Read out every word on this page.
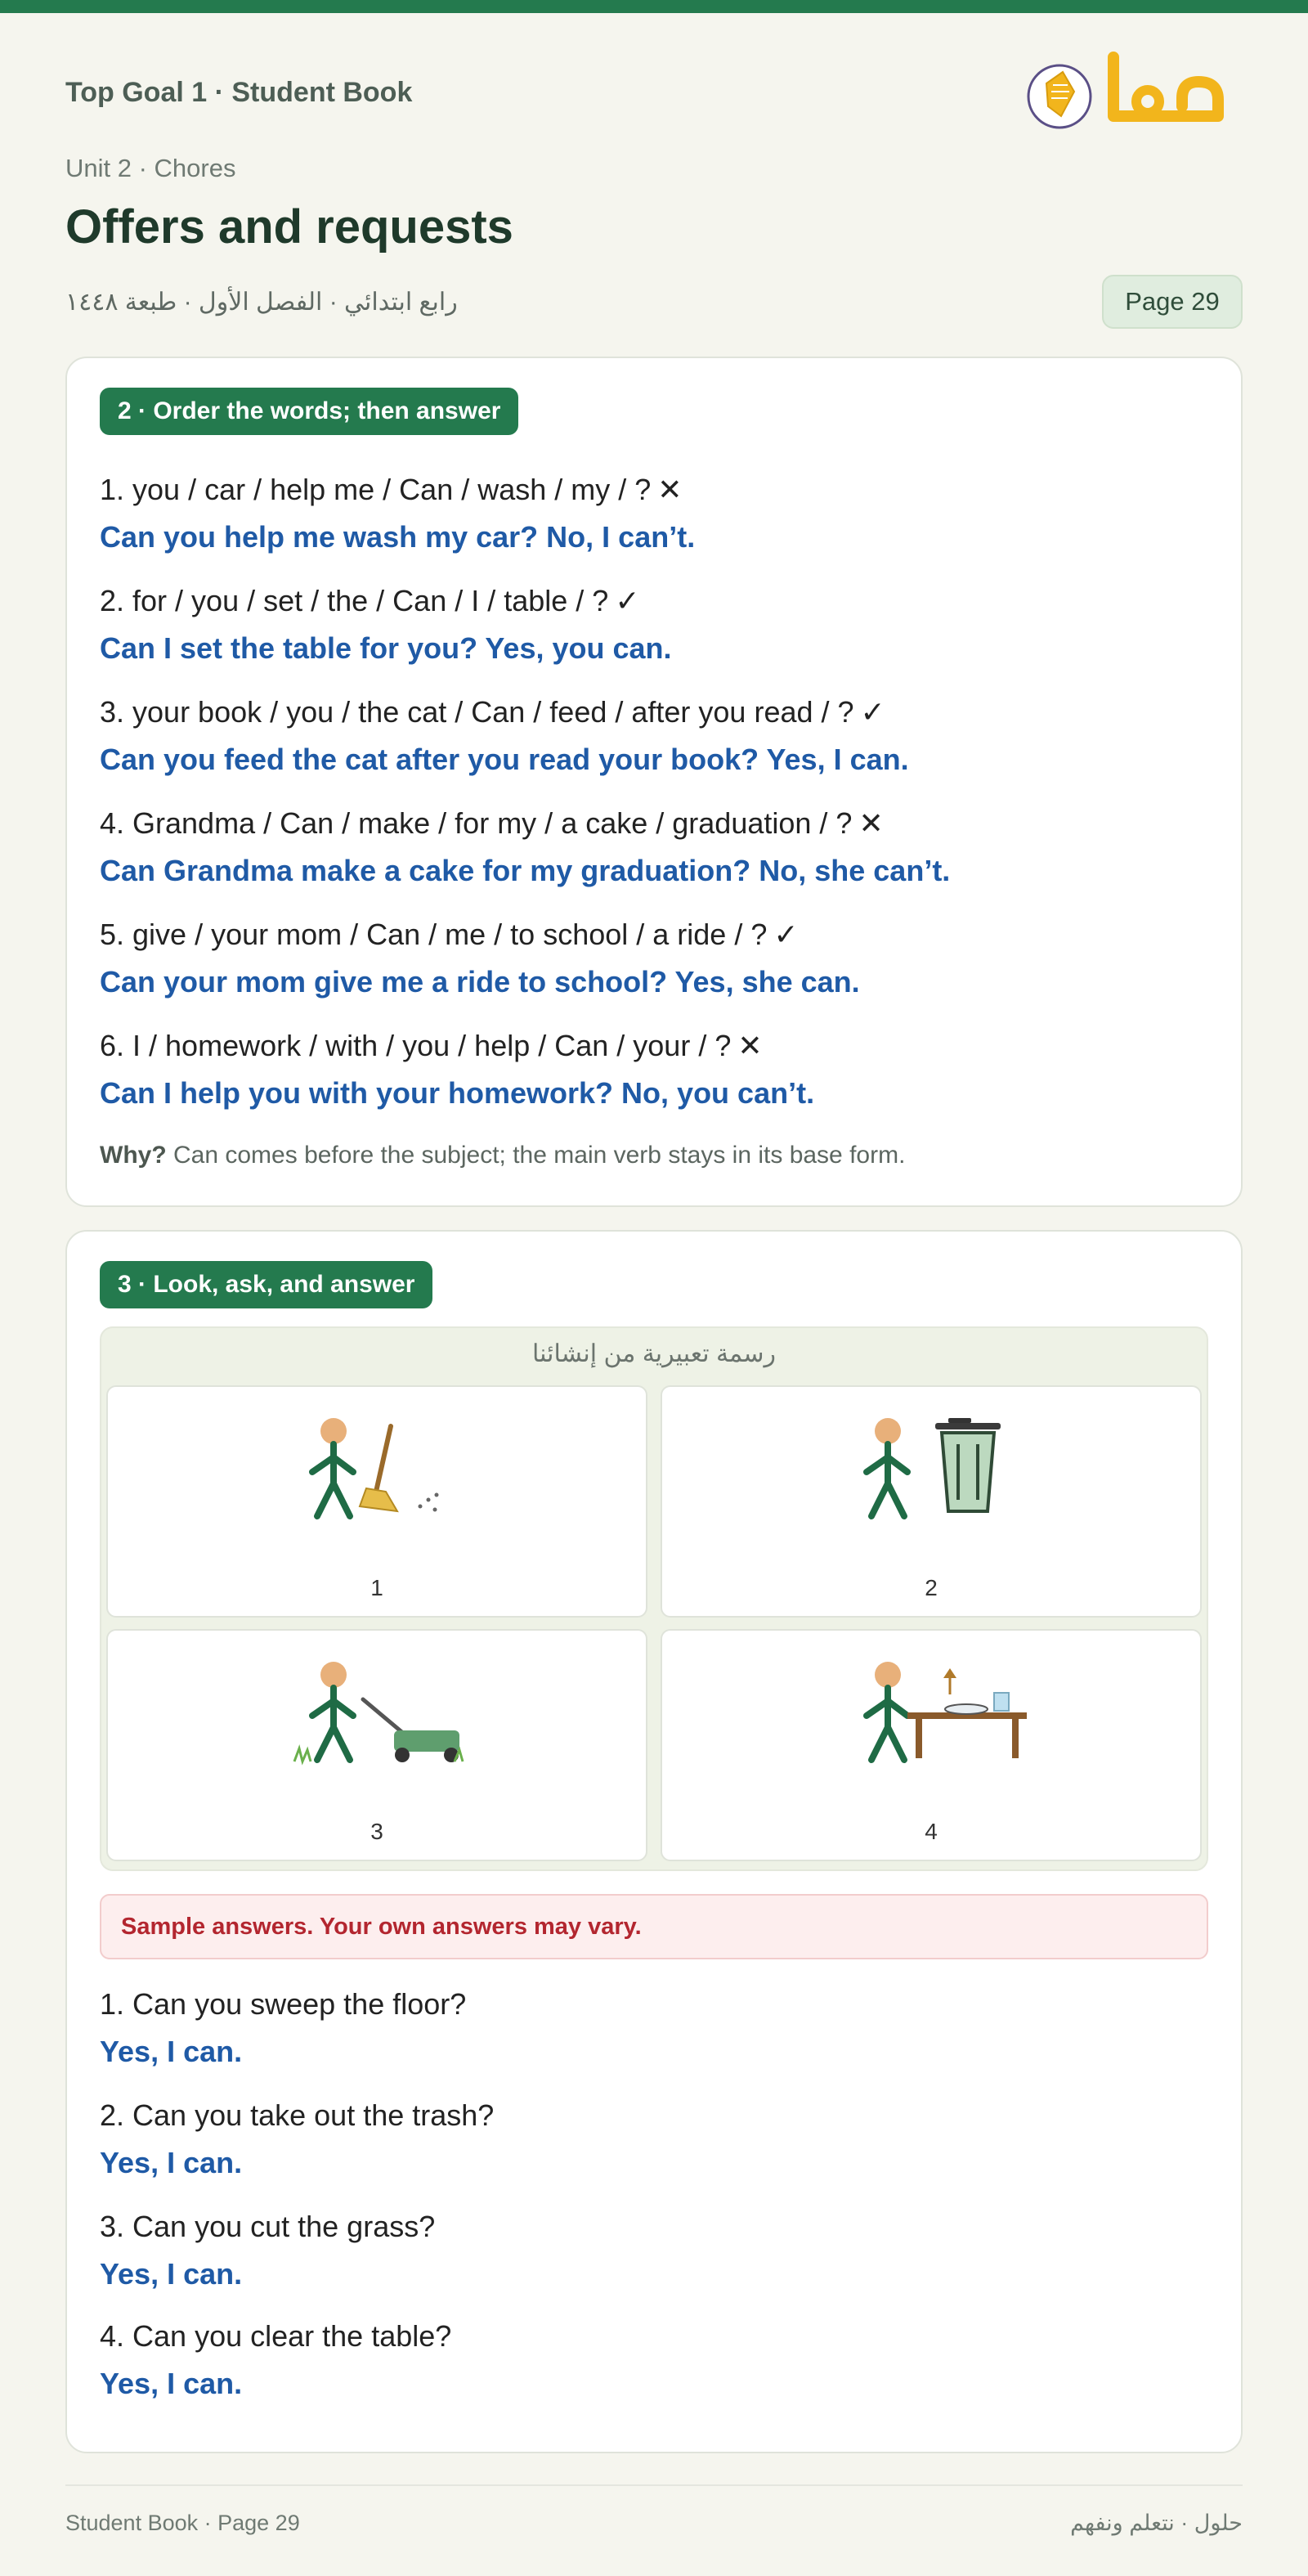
Top Goal 1 · Student Book
Unit 2 · Chores
Offers and requests
رابع ابتدائي · الفصل الأول · طبعة ١٤٤٨	Page 29
2 · Order the words; then answer
1. you / car / help me / Can / wash / my / ? ✕
Can you help me wash my car? No, I can’t.
2. for / you / set / the / Can / I / table / ? ✓
Can I set the table for you? Yes, you can.
3. your book / you / the cat / Can / feed / after you read / ? ✓
Can you feed the cat after you read your book? Yes, I can.
4. Grandma / Can / make / for my / a cake / graduation / ? ✕
Can Grandma make a cake for my graduation? No, she can’t.
5. give / your mom / Can / me / to school / a ride / ? ✓
Can your mom give me a ride to school? Yes, she can.
6. I / homework / with / you / help / Can / your / ? ✕
Can I help you with your homework? No, you can’t.
Why? Can comes before the subject; the main verb stays in its base form.
3 · Look, ask, and answer
رسمة تعبيرية من إنشائنا
1	2
3	4
Sample answers. Your own answers may vary.
1. Can you sweep the floor?
Yes, I can.
2. Can you take out the trash?
Yes, I can.
3. Can you cut the grass?
Yes, I can.
4. Can you clear the table?
Yes, I can.
Student Book · Page 29	حلول · نتعلم ونفهم
